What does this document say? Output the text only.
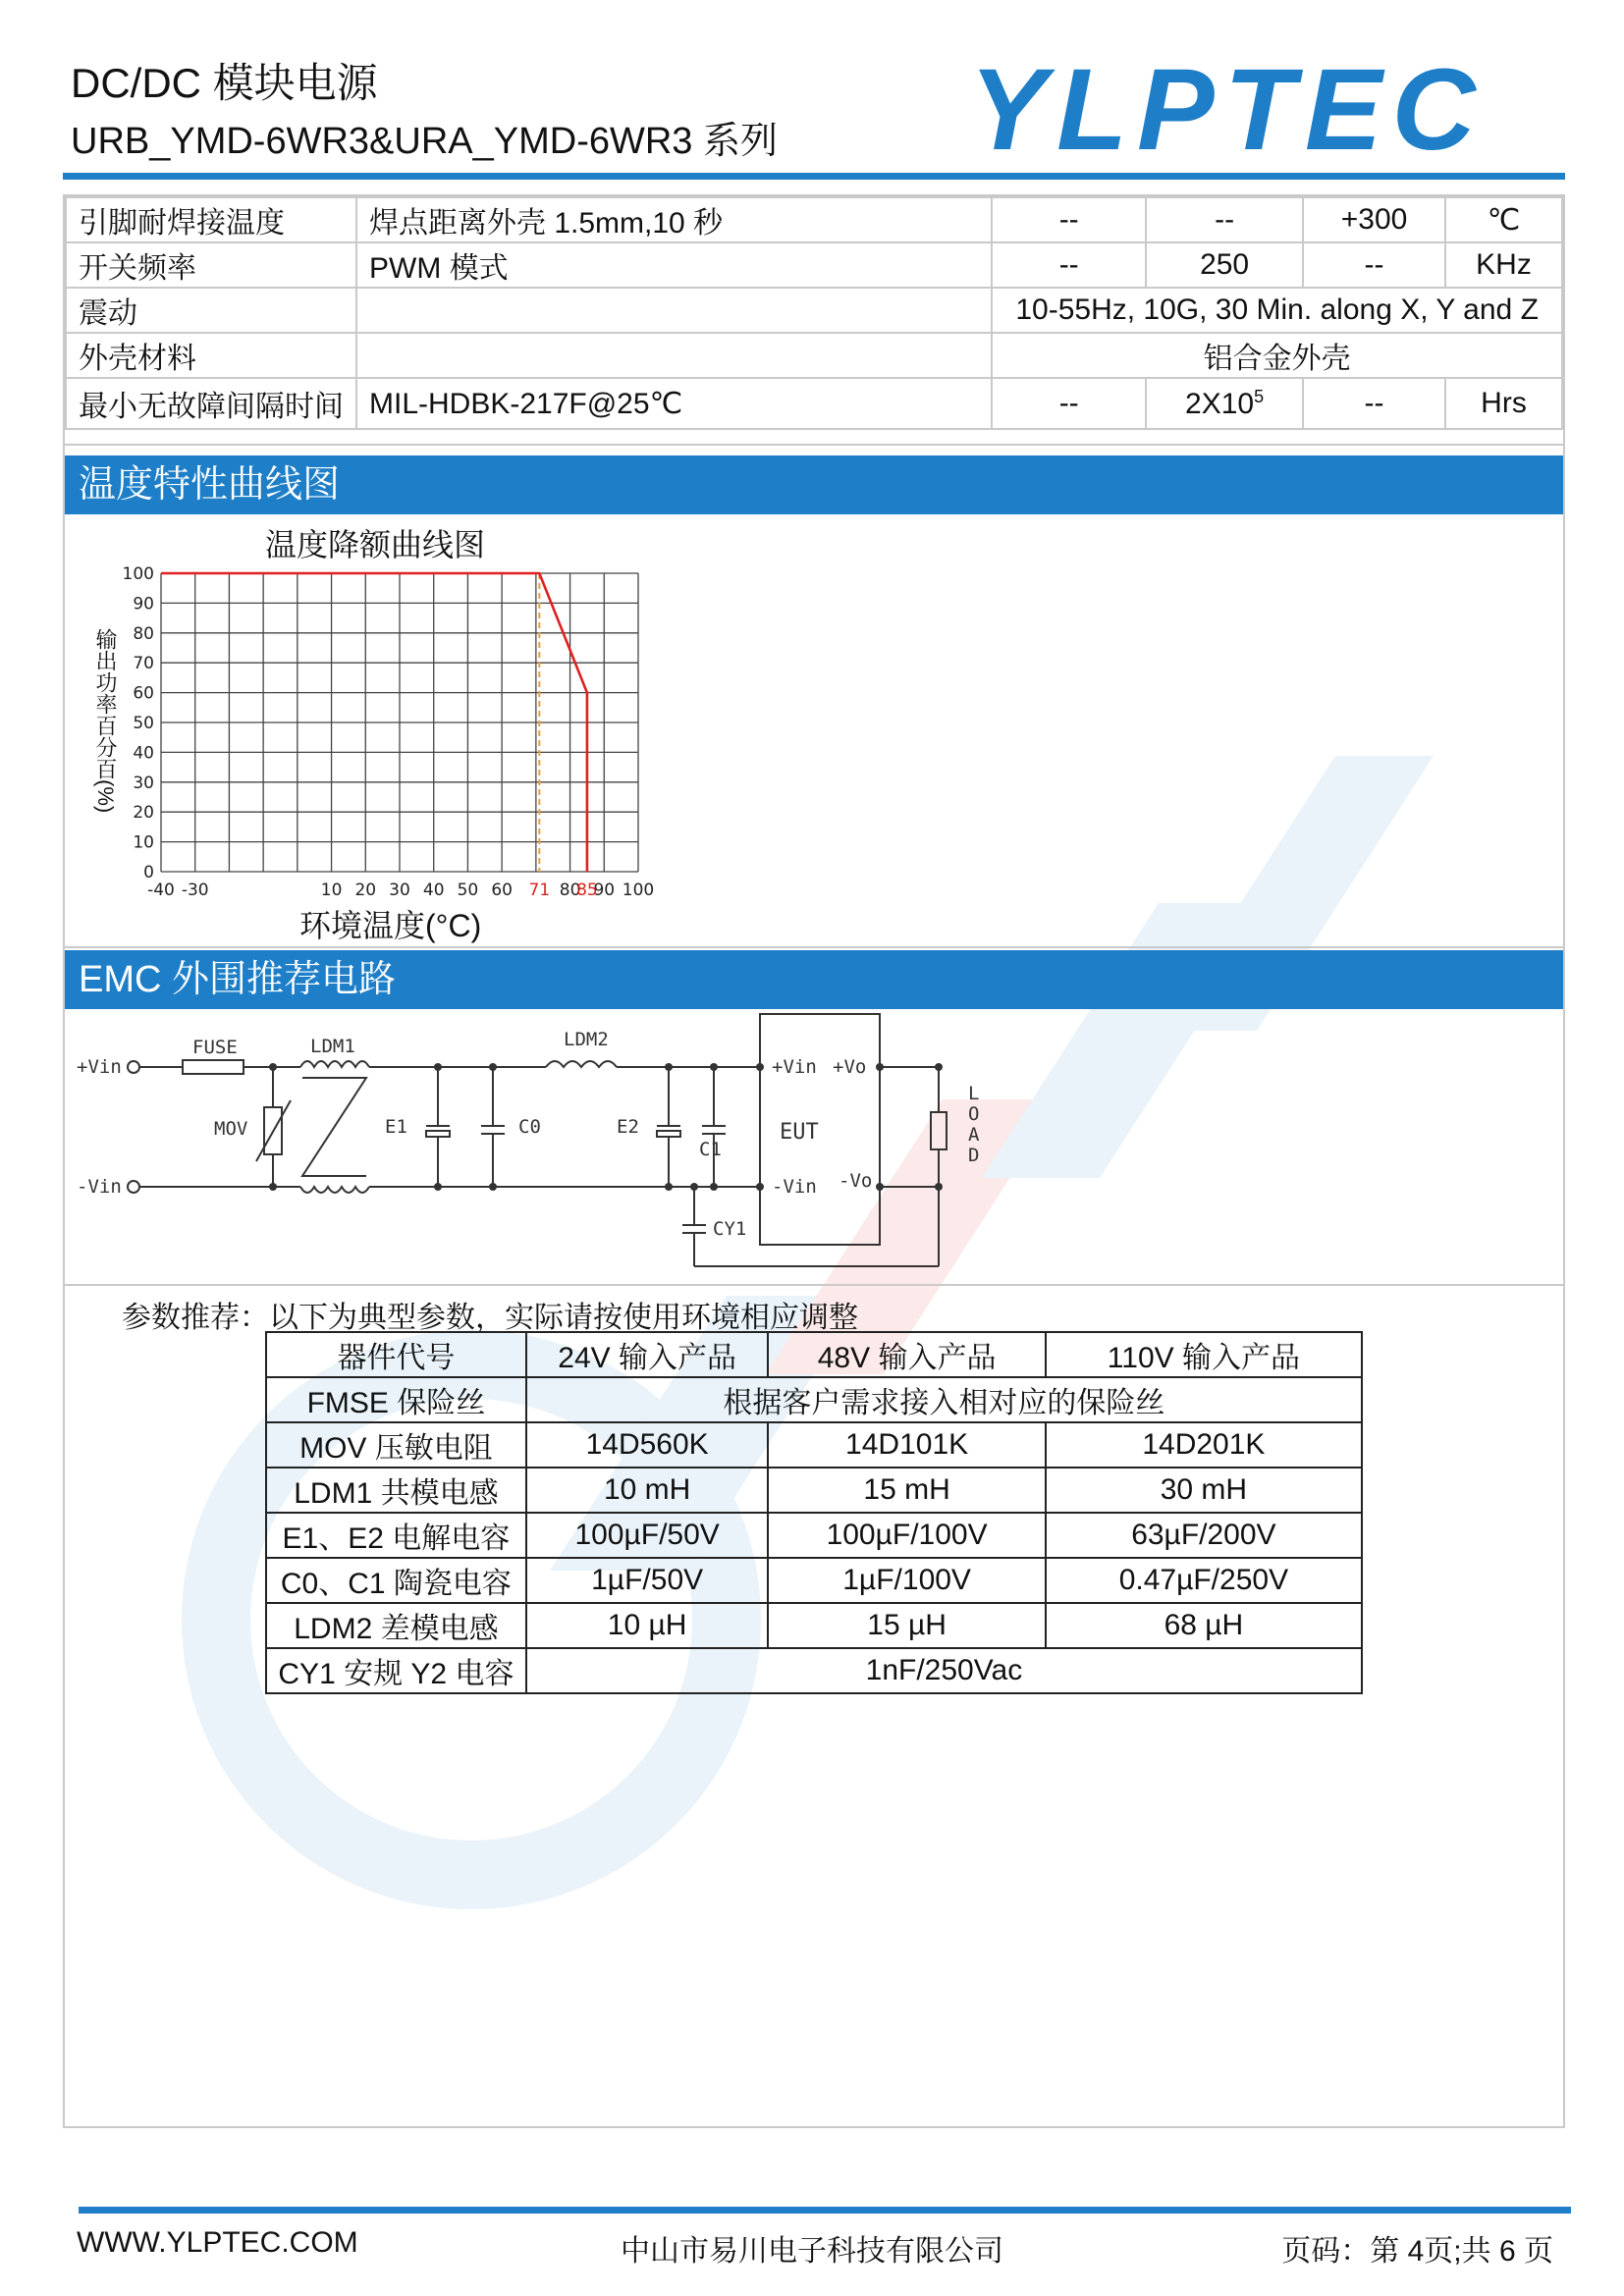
DC/DC 模块电源
URB_YMD-6WR3&URA_YMD-6WR3 系列 YLPTEC
引脚耐焊接温度	焊点距离外壳 1.5mm,10 秒	--	--	+300	℃
开关频率	PWM 模式	--	250	--	KHz
震动		10-55Hz, 10G, 30 Min. along X, Y and Z			
外壳材料		铝合金外壳			
最小无故障间隔时间	MIL-HDBK-217F@25℃	--	$2X10^5$	--	Hrs
温度特性曲线图
温度降额曲线图
输出功率百分百(%)
0
10
20
30
40
50
60
70
80
90
100
-40 -30	10 20 30 40 50 60 71 80
85
90 100
环境温度(°C)
EMC 外围推荐电路
+Vin
-Vin
FUSE	LDM1	LDM2
MOV	E1	C0	E2
C1
CY1
EUT
+Vin +Vo
-Vin -Vo
L O A D
参数推荐：以下为典型参数，实际请按使用环境相应调整
器件代号	24V 输入产品	48V 输入产品	110V 输入产品
FMSE 保险丝	根据客户需求接入相对应的保险丝		
MOV 压敏电阻	14D560K	14D101K	14D201K
LDM1 共模电感	10 mH	15 mH	30 mH
E1、E2 电解电容	100µF/50V	100µF/100V	63µF/200V
C0、C1 陶瓷电容	1µF/50V	1µF/100V	0.47µF/250V
LDM2 差模电感	10 µH	15 µH	68 µH
CY1 安规 Y2 电容	1nF/250Vac		
WWW.YLPTEC.COM	中山市易川电子科技有限公司	页码：第 4页;共 6 页
